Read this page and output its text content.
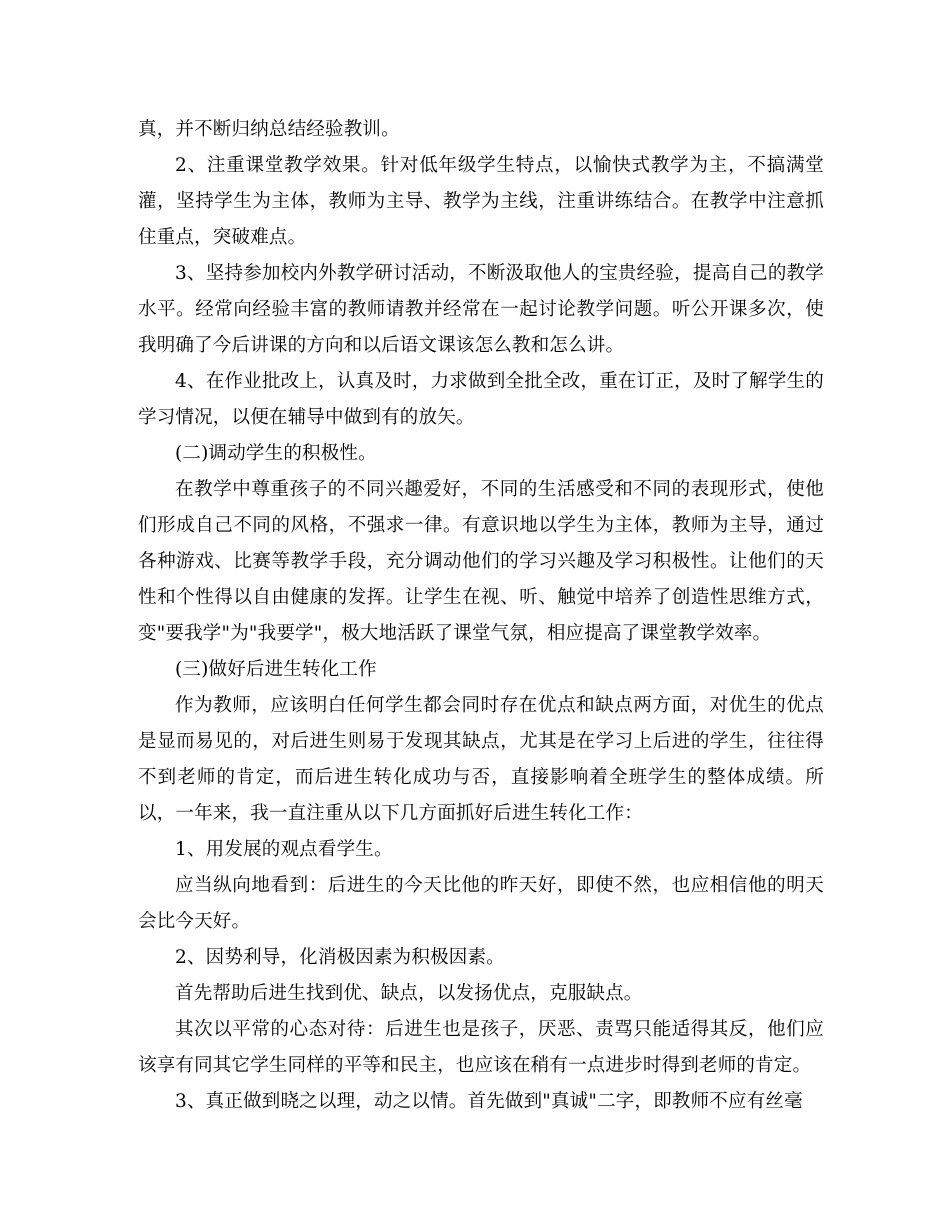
真，并不断归纳总结经验教训。

2、注重课堂教学效果。针对低年级学生特点，以愉快式教学为主，不搞满堂灌，坚持学生为主体，教师为主导、教学为主线，注重讲练结合。在教学中注意抓住重点，突破难点。

3、坚持参加校内外教学研讨活动，不断汲取他人的宝贵经验，提高自己的教学水平。经常向经验丰富的教师请教并经常在一起讨论教学问题。听公开课多次，使我明确了今后讲课的方向和以后语文课该怎么教和怎么讲。

4、在作业批改上，认真及时，力求做到全批全改，重在订正，及时了解学生的学习情况，以便在辅导中做到有的放矢。

(二)调动学生的积极性。

在教学中尊重孩子的不同兴趣爱好，不同的生活感受和不同的表现形式，使他们形成自己不同的风格，不强求一律。有意识地以学生为主体，教师为主导，通过各种游戏、比赛等教学手段，充分调动他们的学习兴趣及学习积极性。让他们的天性和个性得以自由健康的发挥。让学生在视、听、触觉中培养了创造性思维方式，变"要我学"为"我要学"，极大地活跃了课堂气氛，相应提高了课堂教学效率。

(三)做好后进生转化工作

作为教师，应该明白任何学生都会同时存在优点和缺点两方面，对优生的优点是显而易见的，对后进生则易于发现其缺点，尤其是在学习上后进的学生，往往得不到老师的肯定，而后进生转化成功与否，直接影响着全班学生的整体成绩。所以，一年来，我一直注重从以下几方面抓好后进生转化工作：

1、用发展的观点看学生。

应当纵向地看到：后进生的今天比他的昨天好，即使不然，也应相信他的明天会比今天好。

2、因势利导，化消极因素为积极因素。

首先帮助后进生找到优、缺点，以发扬优点，克服缺点。

其次以平常的心态对待：后进生也是孩子，厌恶、责骂只能适得其反，他们应该享有同其它学生同样的平等和民主，也应该在稍有一点进步时得到老师的肯定。

3、真正做到晓之以理，动之以情。首先做到"真诚"二字，即教师不应有丝毫
